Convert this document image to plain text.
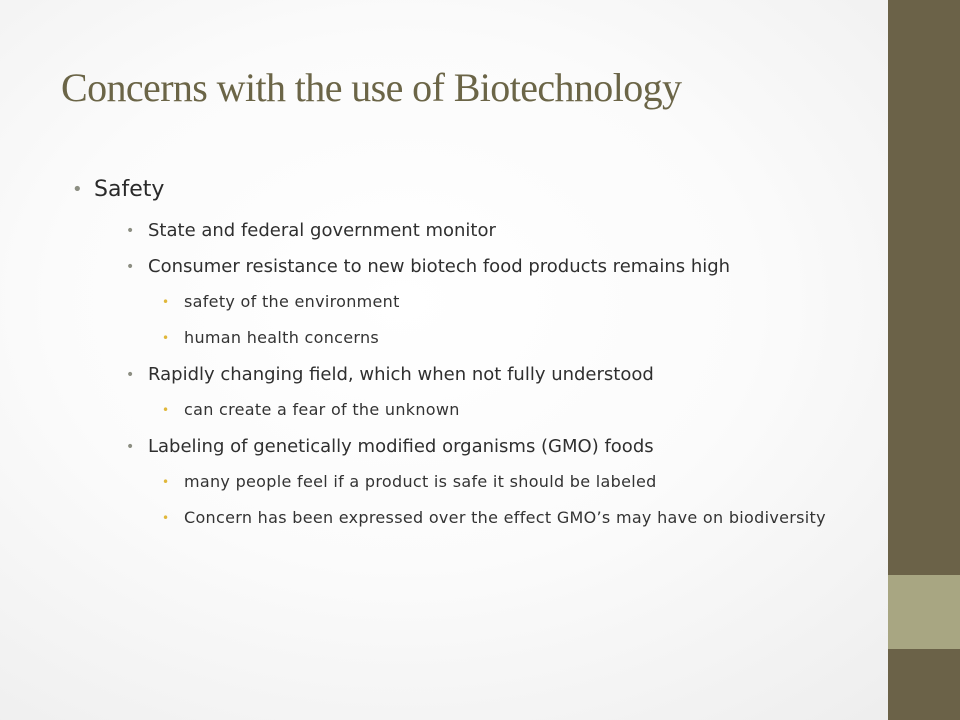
Concerns with the use of Biotechnology
• Safety
• State and federal government monitor
• Consumer resistance to new biotech food products remains high
• safety of the environment
• human health concerns
• Rapidly changing field, which when not fully understood
• can create a fear of the unknown
• Labeling of genetically modified organisms (GMO) foods
• many people feel if a product is safe it should be labeled
• Concern has been expressed over the effect GMO’s may have on biodiversity
